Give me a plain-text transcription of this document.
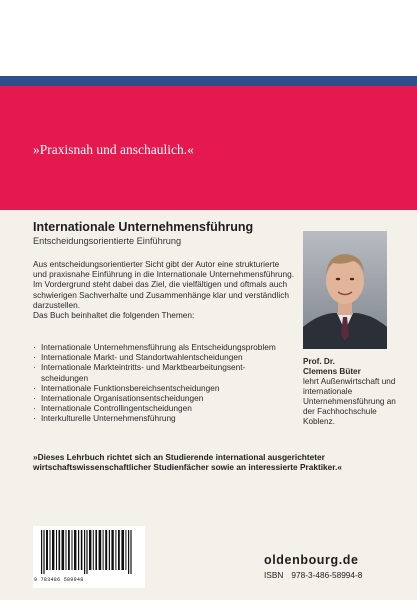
»Praxisnah und anschaulich.«
Internationale Unternehmensführung
Entscheidungsorientierte Einführung

Aus entscheidungsorientierter Sicht gibt der Autor eine strukturierte und praxisnahe Einführung in die Internationale Unternehmensführung.

Im Vordergrund steht dabei das Ziel, die vielfältigen und oftmals auch schwierigen Sachverhalte und Zusammenhänge klar und verständlich darzustellen.

Das Buch beinhaltet die folgenden Themen:

· Internationale Unternehmensführung als Entscheidungsproblem
· Internationale Markt- und Standortwahlentscheidungen
· Internationale Markteintritts- und Marktbearbeitungsent-
scheidungen
· Internationale Funktionsbereichsentscheidungen
· Internationale Organisationsentscheidungen
· Internationale Controllingentscheidungen
· Interkulturelle Unternehmensführung
»Dieses Lehrbuch richtet sich an Studierende international ausgerichteter wirtschaftswissenschaftlicher Studienfächer sowie an interessierte Praktiker.«
Prof. Dr.
Clemens Büter
lehrt Außenwirtschaft und internationale Unternehmensführung an der Fachhochschule Koblenz.
9 783486 589948
oldenbourg.de
ISBN 978-3-486-58994-8
